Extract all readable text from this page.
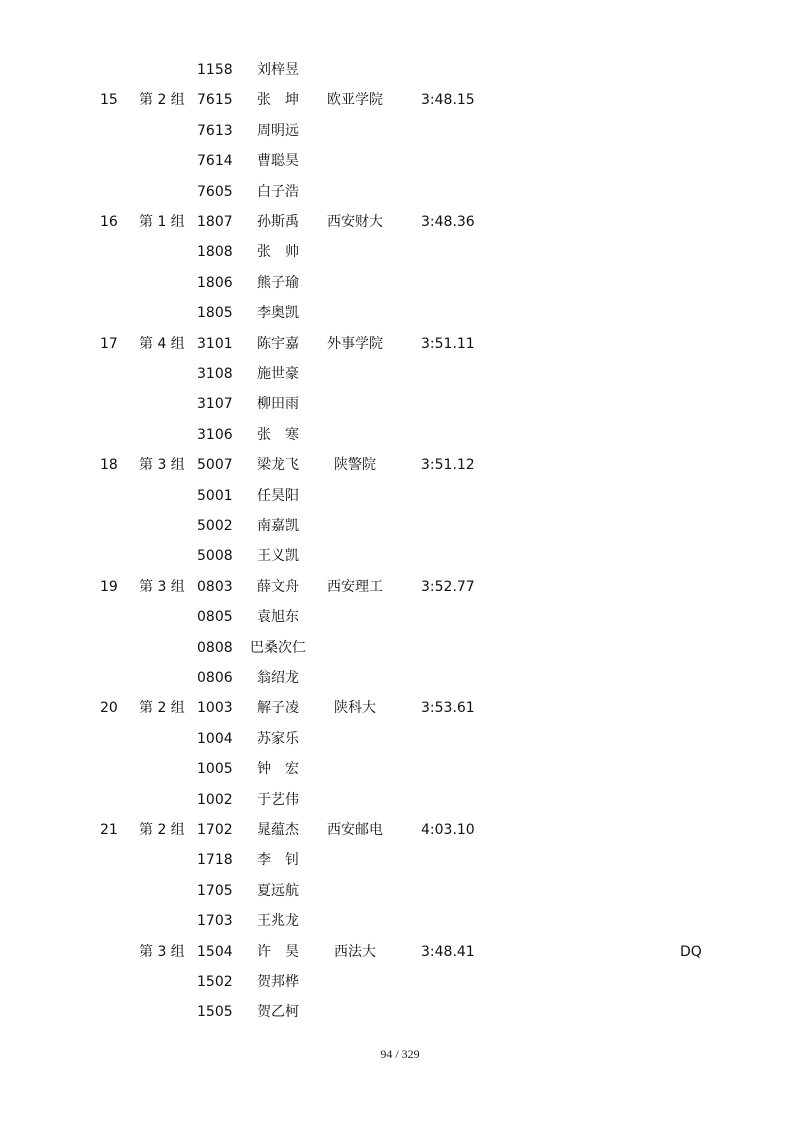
1158	刘梓昱
15 第 2 组 7615	张　坤	欧亚学院	3:48.15
7613	周明远
7614	曹聪昊
7605	白子浩
16 第 1 组 1807	孙斯禹	西安财大	3:48.36
1808	张　帅
1806	熊子瑜
1805	李奥凯
17 第 4 组 3101	陈宇嘉	外事学院	3:51.11
3108	施世豪
3107	柳田雨
3106	张　寒
18 第 3 组 5007	梁龙飞	陕警院	3:51.12
5001	任昊阳
5002	南嘉凯
5008	王义凯
19 第 3 组 0803	薛文舟	西安理工	3:52.77
0805	袁旭东
0808	巴桑次仁
0806	翁绍龙
20 第 2 组 1003	解子凌	陕科大	3:53.61
1004	苏家乐
1005	钟　宏
1002	于艺伟
21 第 2 组 1702	晁蕴杰	西安邮电	4:03.10
1718	李　钊
1705	夏远航
1703	王兆龙
第 3 组 1504	许　昊	西法大	3:48.41	DQ
1502	贺邦桦
1505	贺乙柯
94 / 329
